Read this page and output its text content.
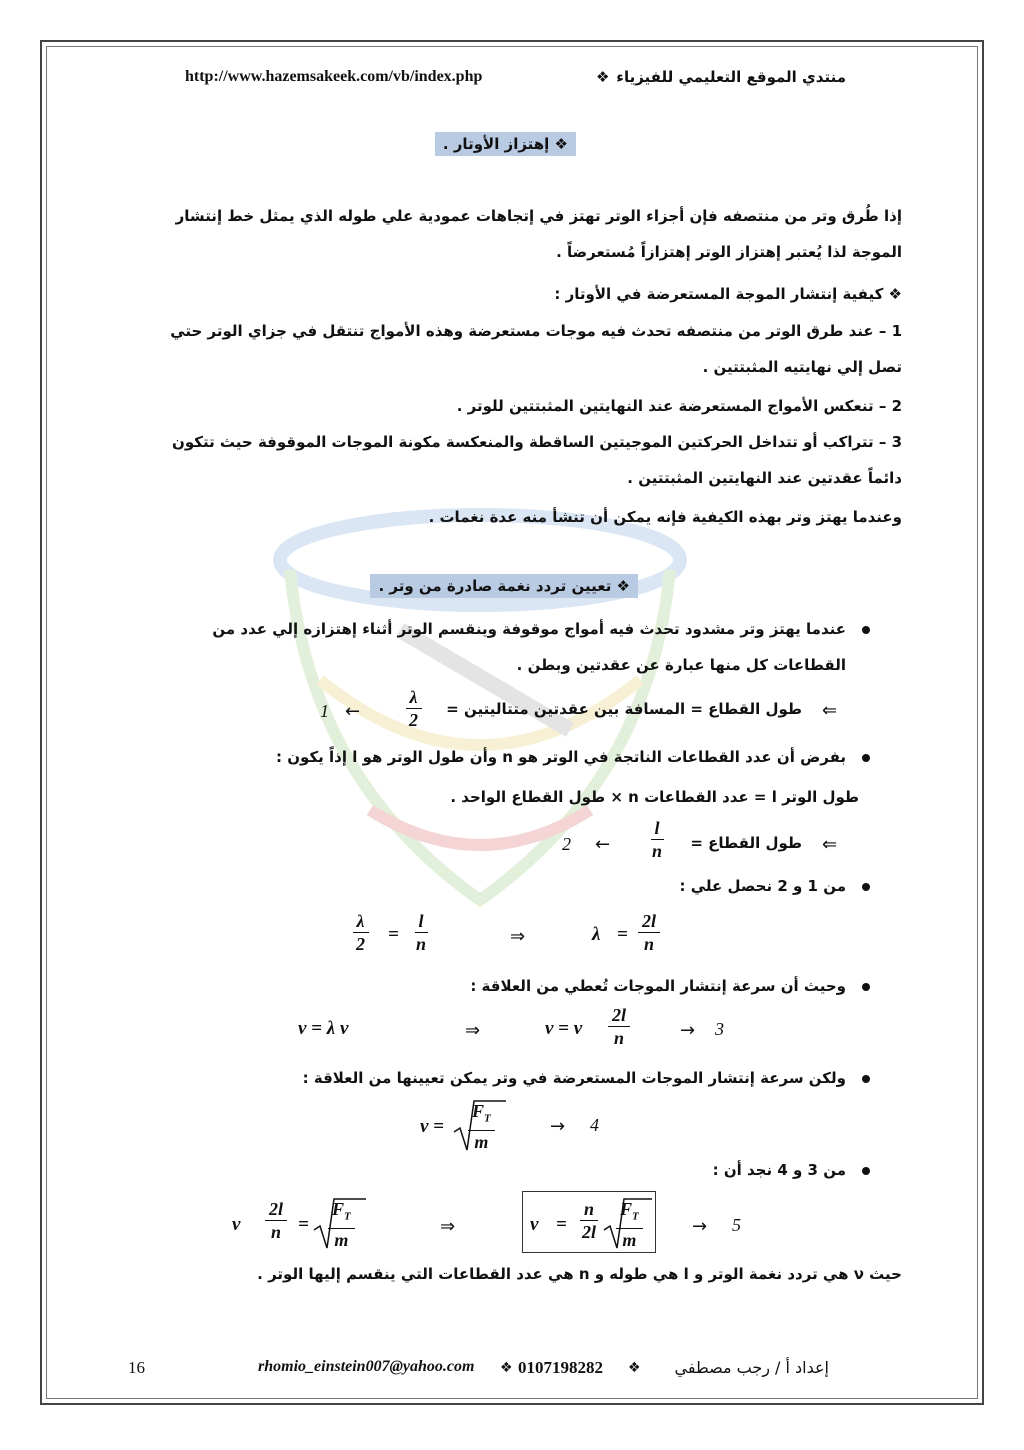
http://www.hazemsakeek.com/vb/index.php	❖ منتدي الموقع التعليمي للفيزياء
❖ إهتزاز الأوتار .
إذا طُرق وتر من منتصفه فإن أجزاء الوتر تهتز في إتجاهات عمودية علي طوله الذي يمثل خط إنتشار
الموجة لذا يُعتبر إهتزاز الوتر إهتزازاً مُستعرضاً .
❖ كيفية إنتشار الموجة المستعرضة في الأوتار :
1 – عند طرق الوتر من منتصفه تحدث فيه موجات مستعرضة وهذه الأمواج تنتقل في جزاي الوتر حتي
تصل إلي نهايتيه المثبتتين .
2 – تنعكس الأمواج المستعرضة عند النهايتين المثبتتين للوتر .
3 – تتراكب أو تتداخل الحركتين الموجيتين الساقطة والمنعكسة مكونة الموجات الموقوفة حيث تتكون
دائماً عقدتين عند النهايتين المثبتتين .
وعندما يهتز وتر بهذه الكيفية فإنه يمكن أن تنشأ منه عدة نغمات .
❖ تعيين تردد نغمة صادرة من وتر .
عندما يهتز وتر مشدود تحدث فيه أمواج موقوفة وينقسم الوتر أثناء إهتزازه إلي عدد من
القطاعات كل منها عبارة عن عقدتين وبطن .
⇐
طول القطاع = المسافة بين عقدتين متتاليتين =
$\frac{\lambda}{2}$
←
1
بفرض أن عدد القطاعات الناتجة في الوتر هو n وأن طول الوتر هو l إذاً يكون :
طول الوتر l = عدد القطاعات n × طول القطاع الواحد .
⇐
طول القطاع =
$\frac{l}{n}$
←
2
من 1 و 2 نحصل علي :
$\frac{\lambda}{2} = \frac{l}{n}$	⇒	$\lambda = \frac{2l}{n}$
وحيث أن سرعة إنتشار الموجات تُعطي من العلاقة :
v = λ ν	⇒	v = ν $\frac{2l}{n}$	→ 3
ولكن سرعة إنتشار الموجات المستعرضة في وتر يمكن تعيينها من العلاقة :
$v = \frac{F_T}{m}$	→ 4
من 3 و 4 نجد أن :
ν $\frac{2l}{n} = \frac{F_T}{m}$	⇒	$\nu = \frac{n}{2l} \frac{F_T}{m}$	→ 5
حيث ν هي تردد نغمة الوتر و l هي طوله و n هي عدد القطاعات التي ينقسم إليها الوتر .
16	rhomio_einstein007@yahoo.com ❖ 0107198282 ❖ إعداد أ / رجب مصطفي
